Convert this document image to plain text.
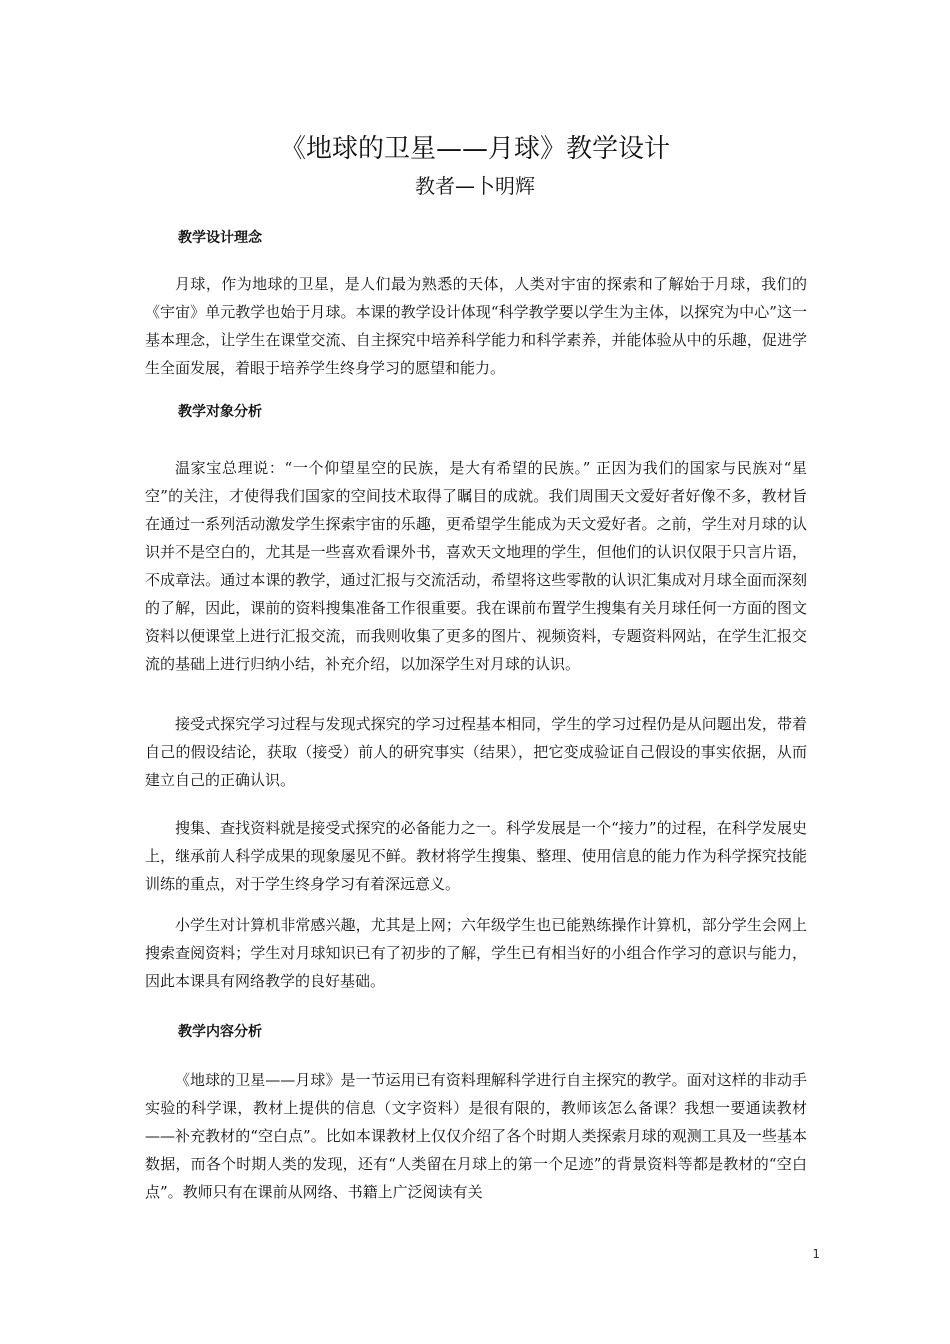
《地球的卫星——月球》教学设计
教者—卜明辉
教学设计理念

月球，作为地球的卫星，是人们最为熟悉的天体，人类对宇宙的探索和了解始于月球，我们的《宇宙》单元教学也始于月球。本课的教学设计体现“科学教学要以学生为主体，以探究为中心”这一基本理念，让学生在课堂交流、自主探究中培养科学能力和科学素养，并能体验从中的乐趣，促进学生全面发展，着眼于培养学生终身学习的愿望和能力。

教学对象分析

温家宝总理说：“一个仰望星空的民族，是大有希望的民族。” 正因为我们的国家与民族对“星空”的关注，才使得我们国家的空间技术取得了瞩目的成就。我们周围天文爱好者好像不多，教材旨在通过一系列活动激发学生探索宇宙的乐趣，更希望学生能成为天文爱好者。之前，学生对月球的认识并不是空白的，尤其是一些喜欢看课外书，喜欢天文地理的学生，但他们的认识仅限于只言片语，不成章法。通过本课的教学，通过汇报与交流活动，希望将这些零散的认识汇集成对月球全面而深刻的了解，因此，课前的资料搜集准备工作很重要。我在课前布置学生搜集有关月球任何一方面的图文资料以便课堂上进行汇报交流，而我则收集了更多的图片、视频资料，专题资料网站，在学生汇报交流的基础上进行归纳小结，补充介绍，以加深学生对月球的认识。

接受式探究学习过程与发现式探究的学习过程基本相同，学生的学习过程仍是从问题出发，带着自己的假设结论，获取（接受）前人的研究事实（结果），把它变成验证自己假设的事实依据，从而建立自己的正确认识。

搜集、查找资料就是接受式探究的必备能力之一。科学发展是一个“接力”的过程，在科学发展史上，继承前人科学成果的现象屡见不鲜。教材将学生搜集、整理、使用信息的能力作为科学探究技能训练的重点，对于学生终身学习有着深远意义。

小学生对计算机非常感兴趣，尤其是上网；六年级学生也已能熟练操作计算机，部分学生会网上搜索查阅资料；学生对月球知识已有了初步的了解，学生已有相当好的小组合作学习的意识与能力，因此本课具有网络教学的良好基础。

教学内容分析

《地球的卫星——月球》是一节运用已有资料理解科学进行自主探究的教学。面对这样的非动手实验的科学课，教材上提供的信息（文字资料）是很有限的，教师该怎么备课？我想一要通读教材——补充教材的“空白点”。比如本课教材上仅仅介绍了各个时期人类探索月球的观测工具及一些基本数据，而各个时期人类的发现，还有“人类留在月球上的第一个足迹”的背景资料等都是教材的“空白点”。教师只有在课前从网络、书籍上广泛阅读有关

1
